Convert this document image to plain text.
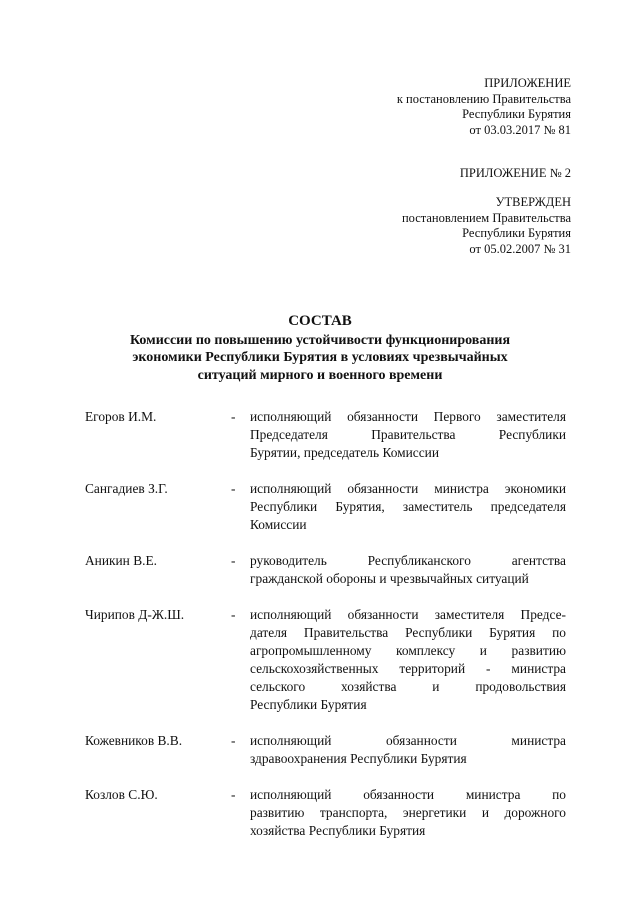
ПРИЛОЖЕНИЕ
к постановлению Правительства
Республики Бурятия
от 03.03.2017 № 81
ПРИЛОЖЕНИЕ № 2
УТВЕРЖДЕН
постановлением Правительства
Республики Бурятия
от 05.02.2007 № 31
СОСТАВ
Комиссии по повышению устойчивости функционирования
экономики Республики Бурятия в условиях чрезвычайных
ситуаций мирного и военного времени
Егоров И.М.	- исполняющий обязанности Первого заместителя
Председателя Правительства Республики
Бурятии, председатель Комиссии
Сангадиев З.Г.	- исполняющий обязанности министра экономики
Республики Бурятия, заместитель председателя
Комиссии
Аникин В.Е.	- руководитель Республиканского агентства
гражданской обороны и чрезвычайных ситуаций
Чирипов Д-Ж.Ш.	- исполняющий обязанности заместителя Предсе-
дателя Правительства Республики Бурятия по
агропромышленному комплексу и развитию
сельскохозяйственных территорий - министра
сельского хозяйства и продовольствия
Республики Бурятия
Кожевников В.В.	- исполняющий обязанности министра
здравоохранения Республики Бурятия
Козлов С.Ю.	- исполняющий обязанности министра по
развитию транспорта, энергетики и дорожного
хозяйства Республики Бурятия
